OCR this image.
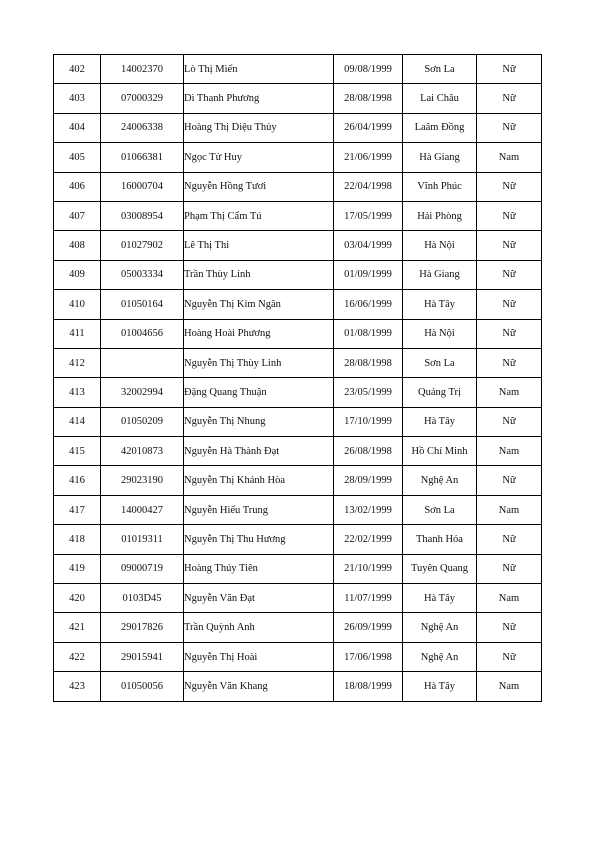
402	14002370	Lò Thị Miến	09/08/1999	Sơn La	Nữ
403	07000329	Dì Thanh Phương	28/08/1998	Lai Châu	Nữ
404	24006338	Hoàng Thị Diệu Thủy	26/04/1999	Laâm Đồng	Nữ
405	01066381	Ngọc Tử Huy	21/06/1999	Hà Giang	Nam
406	16000704	Nguyễn Hồng Tươi	22/04/1998	Vĩnh Phúc	Nữ
407	03008954	Phạm Thị Cẩm Tú	17/05/1999	Hải Phòng	Nữ
408	01027902	Lê Thị Thi	03/04/1999	Hà Nội	Nữ
409	05003334	Trần Thùy Linh	01/09/1999	Hà Giang	Nữ
410	01050164	Nguyễn Thị Kim Ngân	16/06/1999	Hà Tây	Nữ
411	01004656	Hoàng Hoài Phương	01/08/1999	Hà Nội	Nữ
412		Nguyễn Thị Thùy Linh	28/08/1998	Sơn La	Nữ
413	32002994	Đặng Quang Thuận	23/05/1999	Quảng Trị	Nam
414	01050209	Nguyễn Thị Nhung	17/10/1999	Hà Tây	Nữ
415	42010873	Nguyễn Hà Thành Đạt	26/08/1998	Hồ Chí Minh	Nam
416	29023190	Nguyễn Thị Khánh Hòa	28/09/1999	Nghệ An	Nữ
417	14000427	Nguyễn Hiếu Trung	13/02/1999	Sơn La	Nam
418	01019311	Nguyễn Thị Thu Hương	22/02/1999	Thanh Hóa	Nữ
419	09000719	Hoàng Thúy Tiên	21/10/1999	Tuyên Quang	Nữ
420	0103D45	Nguyễn Văn Đạt	11/07/1999	Hà Tây	Nam
421	29017826	Trần Quỳnh Anh	26/09/1999	Nghệ An	Nữ
422	29015941	Nguyễn Thị Hoài	17/06/1998	Nghệ An	Nữ
423	01050056	Nguyễn Văn Khang	18/08/1999	Hà Tây	Nam
